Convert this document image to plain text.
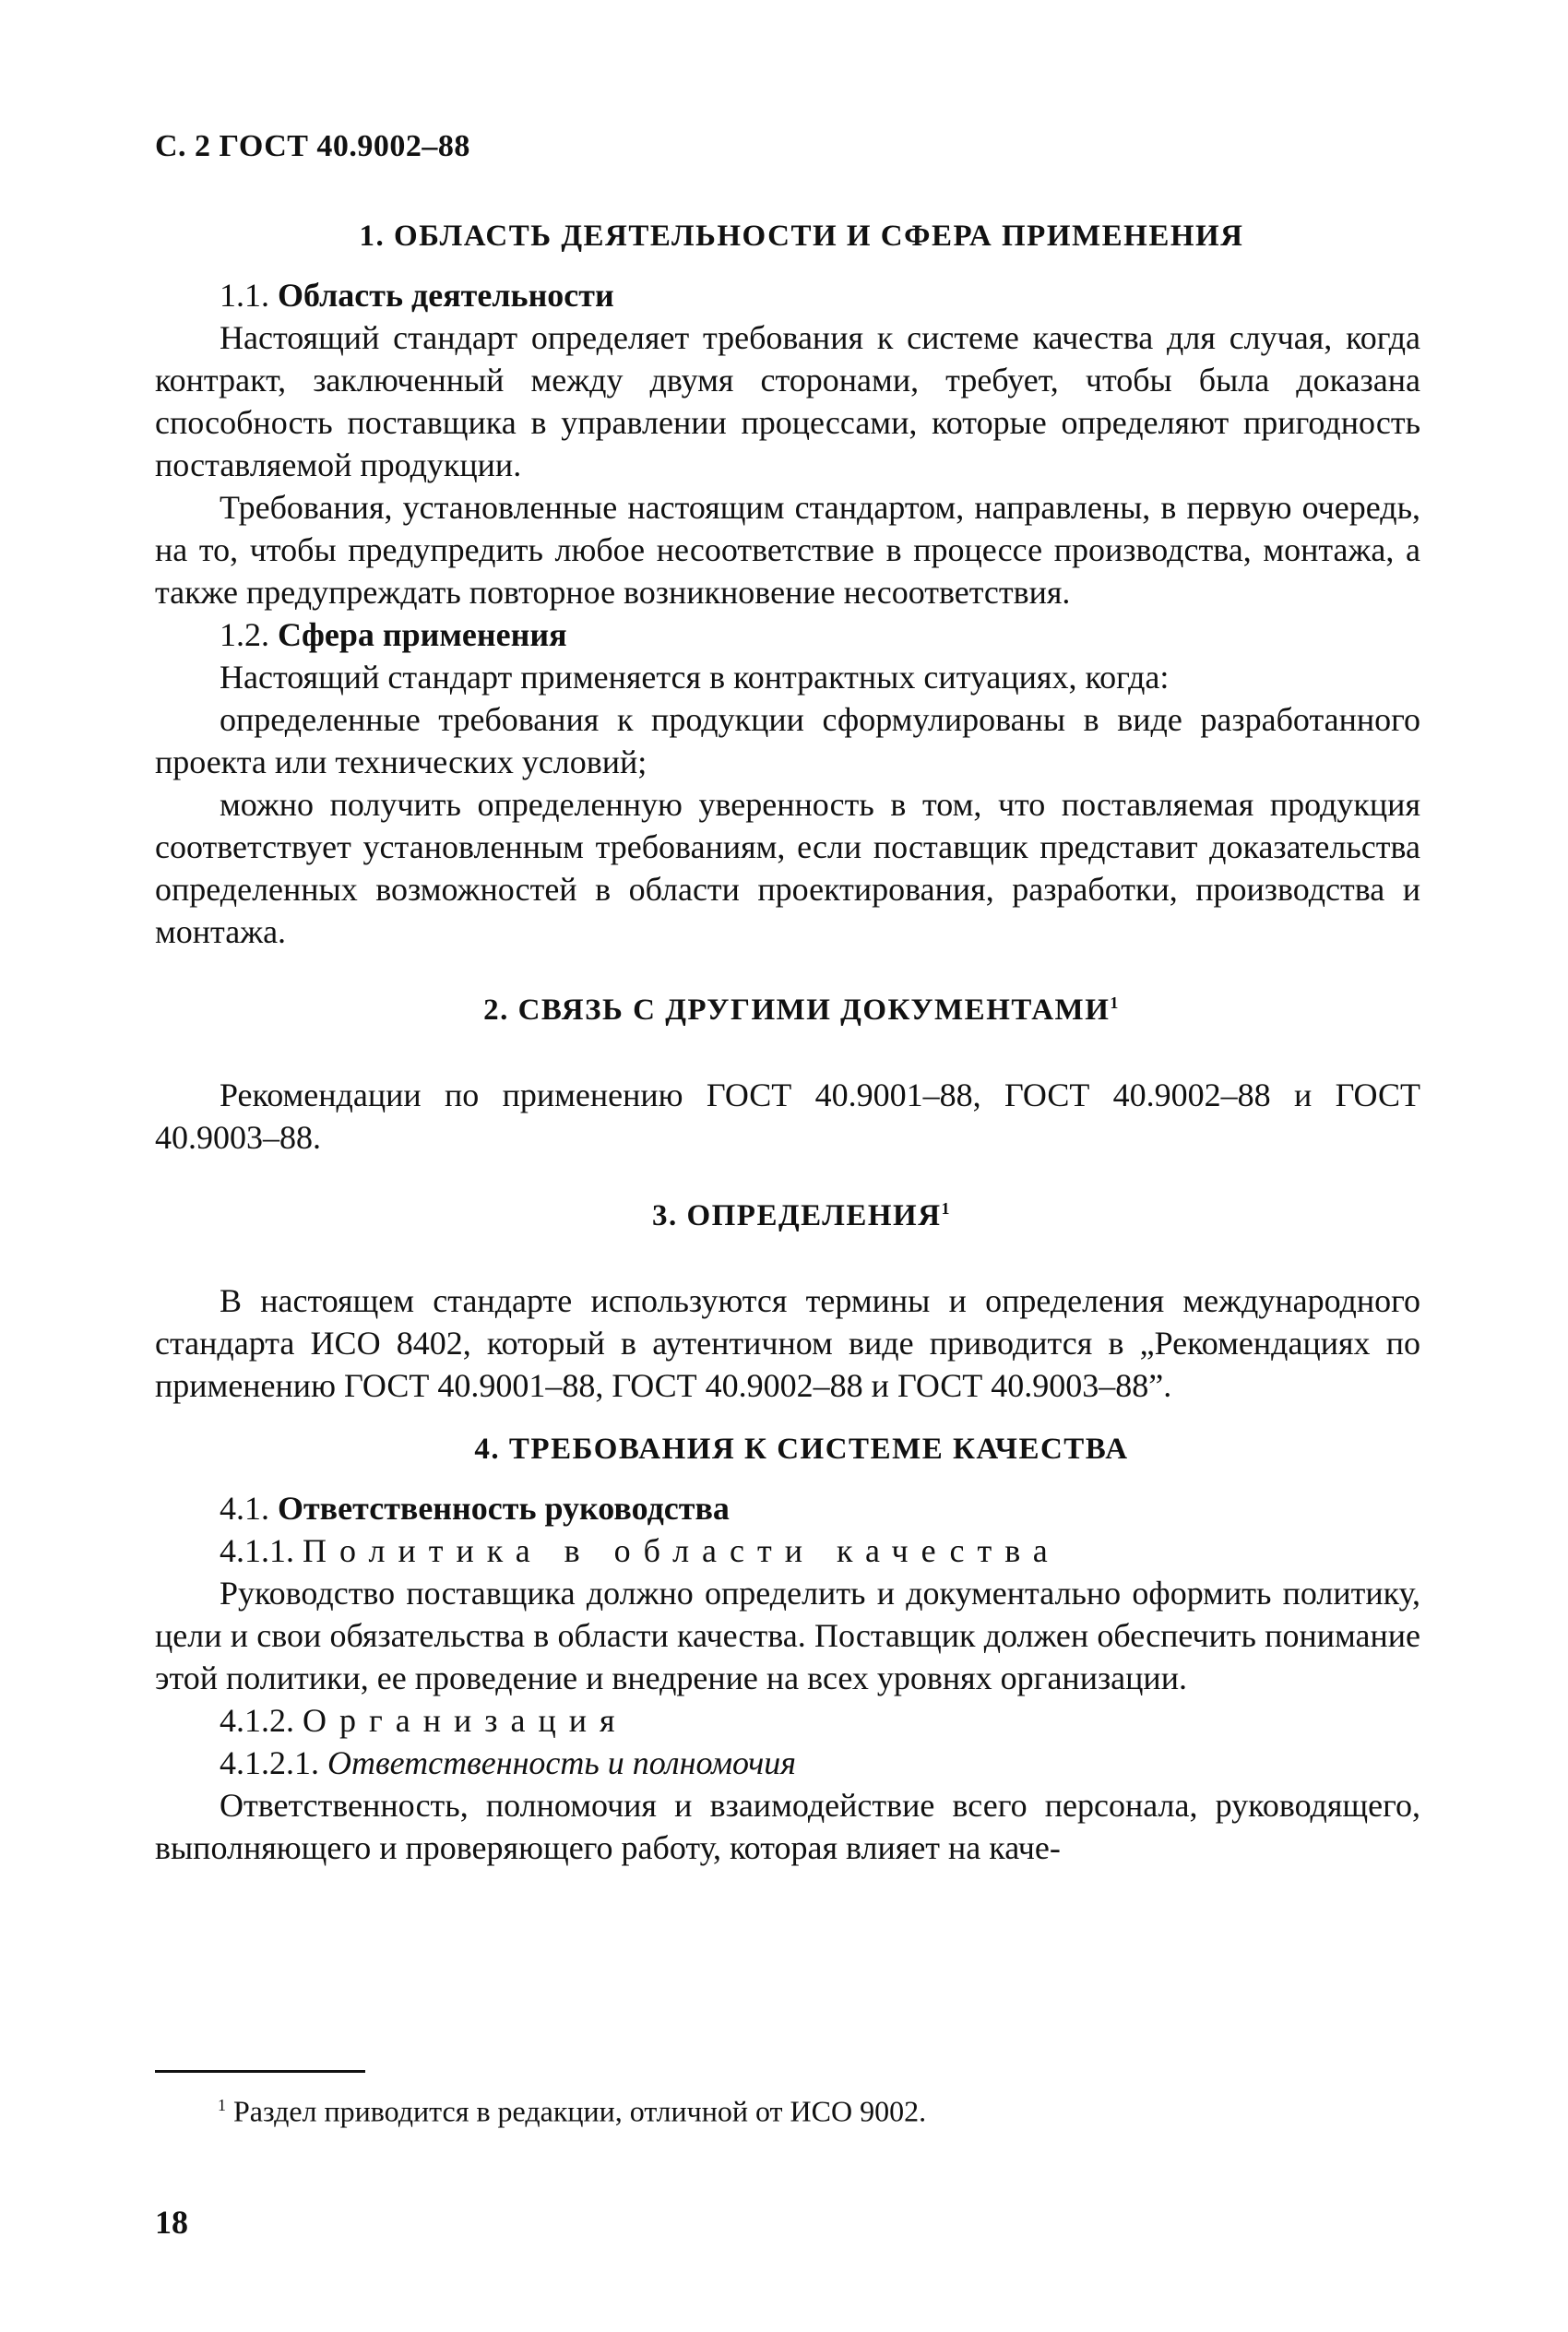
С. 2 ГОСТ 40.9002–88
1. ОБЛАСТЬ ДЕЯТЕЛЬНОСТИ И СФЕРА ПРИМЕНЕНИЯ
1.1. Область деятельности

Настоящий стандарт определяет требования к системе качества для случая, когда контракт, заключенный между двумя сторонами, требует, чтобы была доказана способность поставщика в управлении процессами, которые определяют пригодность поставляемой продукции.

Требования, установленные настоящим стандартом, направлены, в первую очередь, на то, чтобы предупредить любое несоответствие в процессе производства, монтажа, а также предупреждать повторное возникновение несоответствия.

1.2. Сфера применения

Настоящий стандарт применяется в контрактных ситуациях, когда:

определенные требования к продукции сформулированы в виде разработанного проекта или технических условий;

можно получить определенную уверенность в том, что поставляемая продукция соответствует установленным требованиям, если поставщик представит доказательства определенных возможностей в области проектирования, разработки, производства и монтажа.

2. СВЯЗЬ С ДРУГИМИ ДОКУМЕНТАМИ$^1$

Рекомендации по применению ГОСТ 40.9001–88, ГОСТ 40.9002–88 и ГОСТ 40.9003–88.

3. ОПРЕДЕЛЕНИЯ$^1$

В настоящем стандарте используются термины и определения международного стандарта ИСО 8402, который в аутентичном виде приводится в „Рекомендациях по применению ГОСТ 40.9001–88, ГОСТ 40.9002–88 и ГОСТ 40.9003–88”.

4. ТРЕБОВАНИЯ К СИСТЕМЕ КАЧЕСТВА
4.1. Ответственность руководства
4.1.1. Политика в области качества

Руководство поставщика должно определить и документально оформить политику, цели и свои обязательства в области качества. Поставщик должен обеспечить понимание этой политики, ее проведение и внедрение на всех уровнях организации.

4.1.2. Организация
4.1.2.1. Ответственность и полномочия

Ответственность, полномочия и взаимодействие всего персонала, руководящего, выполняющего и проверяющего работу, которая влияет на каче-

$^1$ Раздел приводится в редакции, отличной от ИСО 9002.
18
